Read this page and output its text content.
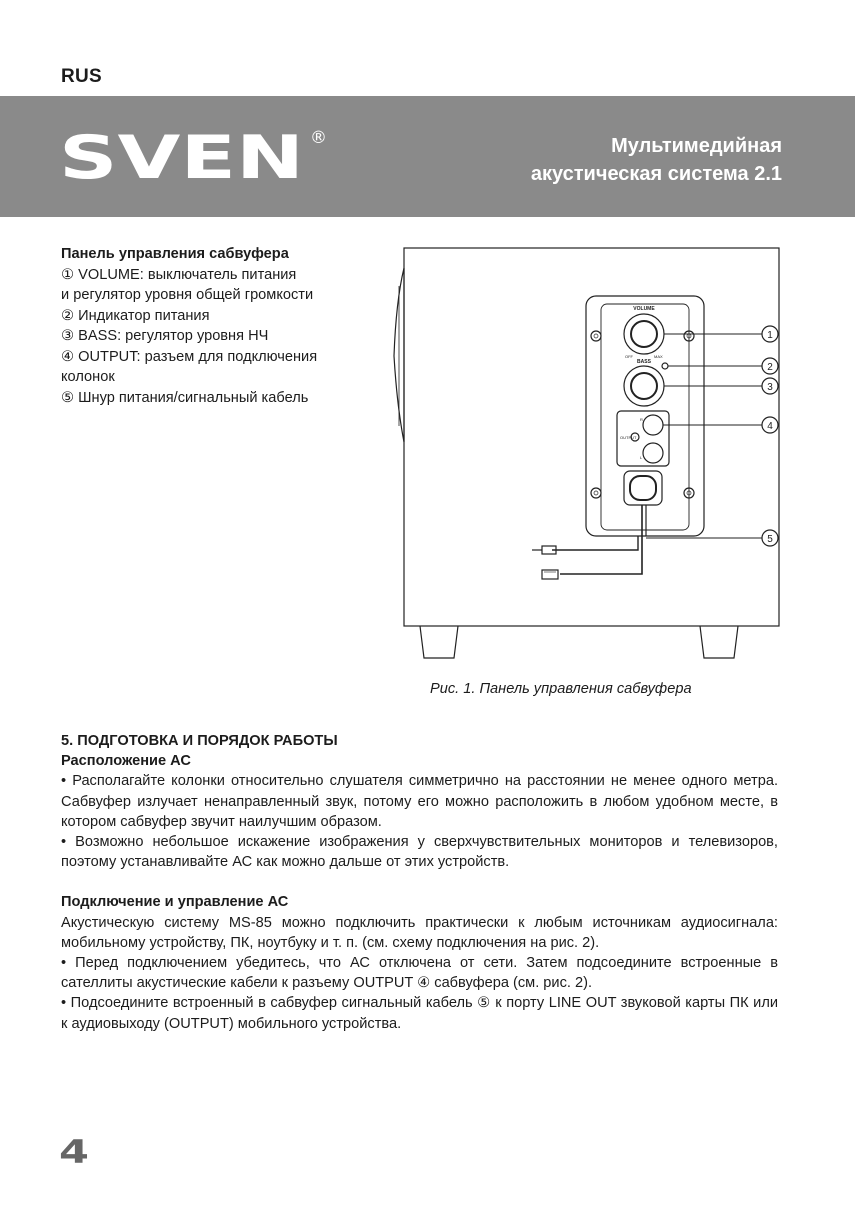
RUS
SVEN ®	Мультимедийная
акустическая система 2.1
Панель управления сабвуфера
① VOLUME: выключатель питания
и регулятор уровня общей громкости
② Индикатор питания
③ BASS: регулятор уровня НЧ
④ OUTPUT: разъем для подключения
колонок
⑤ Шнур питания/сигнальный кабель
VOLUME
OFF	MAX
BASS
OUTPUT
R
L
1
2
3
4
5
Рис. 1. Панель управления сабвуфера

5. ПОДГОТОВКА И ПОРЯДОК РАБОТЫ

Расположение АС

• Располагайте колонки относительно слушателя симметрично на расстоянии не менее одного метра. Сабвуфер излучает ненаправленный звук, потому его можно расположить в любом удобном месте, в котором сабвуфер звучит наилучшим образом.

• Возможно небольшое искажение изображения у сверхчувствительных мониторов и телевизоров, поэтому устанавливайте АС как можно дальше от этих устройств.

Подключение и управление АС

Акустическую систему MS-85 можно подключить практически к любым источникам аудиосигнала: мобильному устройству, ПК, ноутбуку и т. п. (см. схему подключения на рис. 2).

• Перед подключением убедитесь, что АС отключена от сети. Затем подсоедините встроенные в сателлиты акустические кабели к разъему OUTPUT ④ сабвуфера (см. рис. 2).

• Подсоедините встроенный в сабвуфер сигнальный кабель ⑤ к порту LINE OUT звуковой карты ПК или к аудиовыходу (OUTPUT) мобильного устройства.

4
